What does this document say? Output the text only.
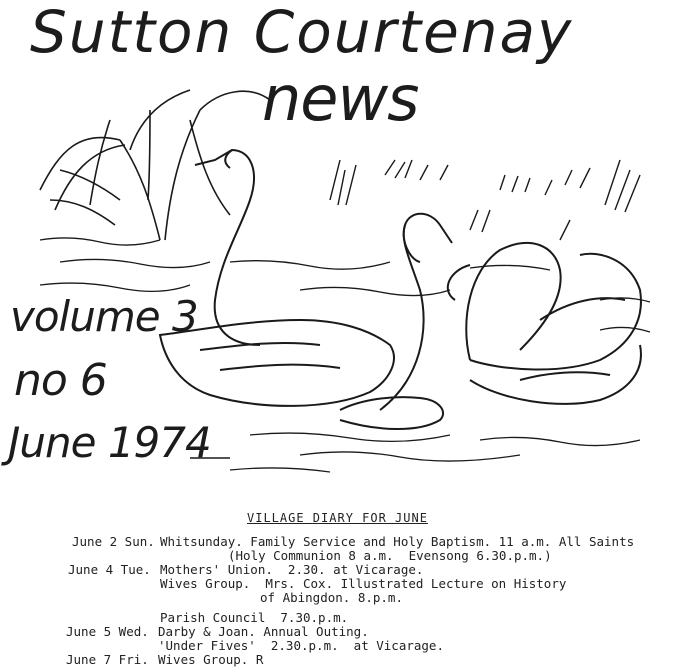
Sutton Courtenay
news
volume 3
no 6
June 1974
VILLAGE DIARY FOR JUNE
June 2 Sun. Whitsunday. Family Service and Holy Baptism. 11 a.m. All Saints
(Holy Communion 8 a.m.  Evensong 6.30.p.m.)
June 4 Tue. Mothers' Union.  2.30. at Vicarage.
Wives Group.  Mrs. Cox. Illustrated Lecture on History
of Abingdon. 8.p.m.
Parish Council  7.30.p.m.
June 5 Wed. Darby & Joan. Annual Outing.
'Under Fives'  2.30.p.m.  at Vicarage.
June 7 Fri. Wives Group. R
